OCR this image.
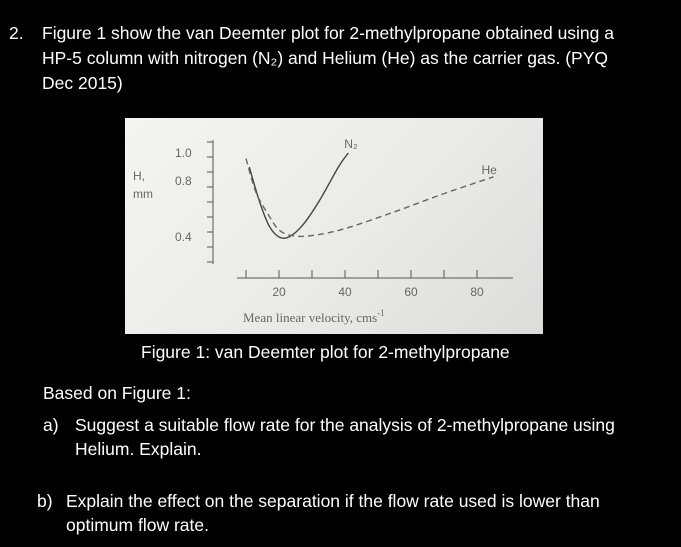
2. Figure 1 show the van Deemter plot for 2-methylpropane obtained using a
HP-5 column with nitrogen (N₂) and Helium (He) as the carrier gas. (PYQ
Dec 2015)
1.0
0.8
0.4
20	40	60	80
H,
mm
Mean linear velocity, cms$^{-1}$
N₂
He
Figure 1: van Deemter plot for 2-methylpropane
Based on Figure 1:
a) Suggest a suitable flow rate for the analysis of 2-methylpropane using
Helium. Explain.
b) Explain the effect on the separation if the flow rate used is lower than
optimum flow rate.
